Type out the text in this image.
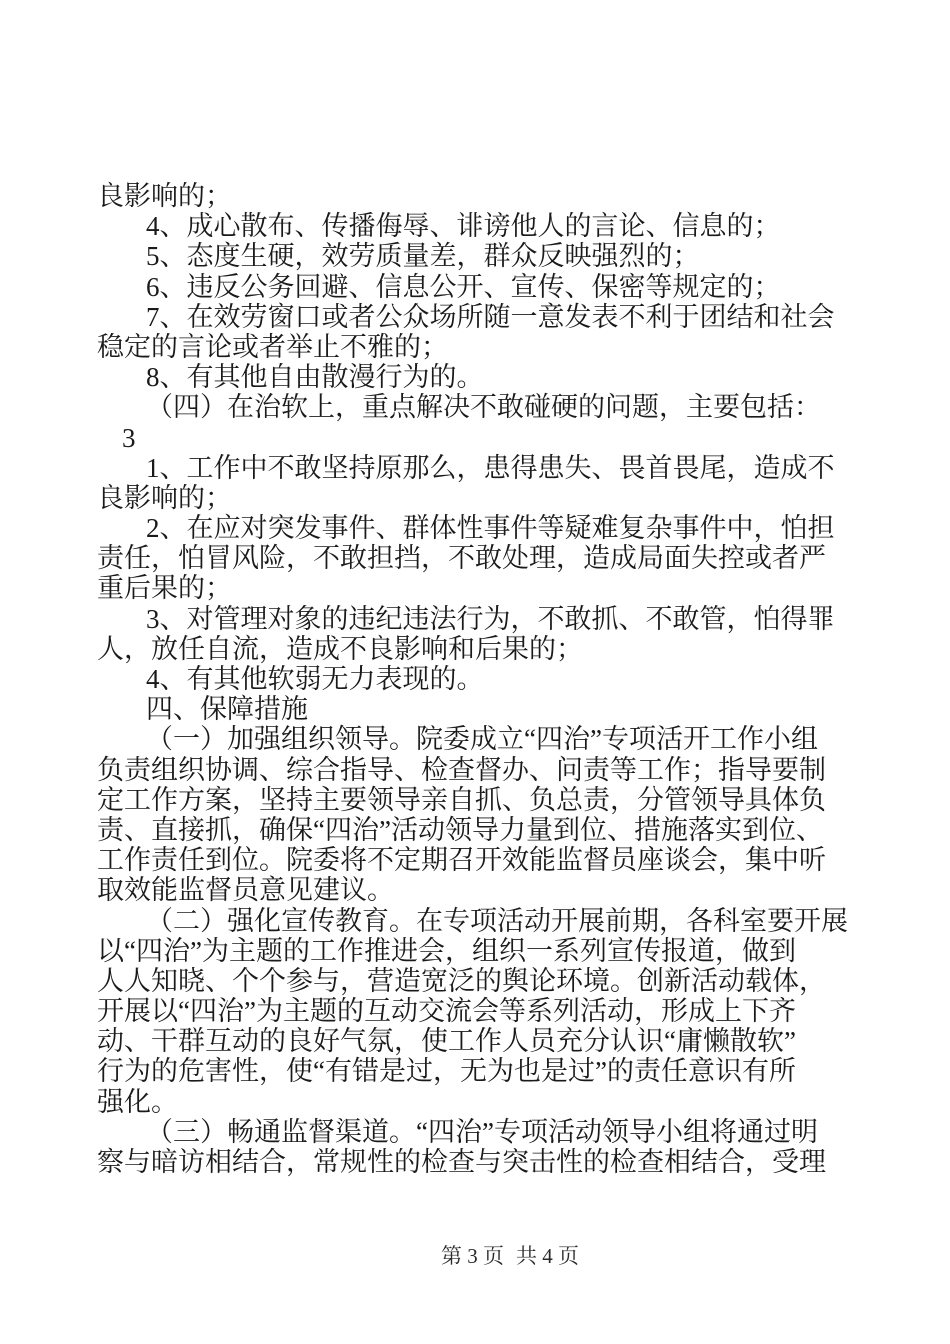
良影响的；
4、成心散布、传播侮辱、诽谤他人的言论、信息的；
5、态度生硬，效劳质量差，群众反映强烈的；
6、违反公务回避、信息公开、宣传、保密等规定的；
7、在效劳窗口或者公众场所随一意发表不利于团结和社会
稳定的言论或者举止不雅的；
8、有其他自由散漫行为的。
（四）在治软上，重点解决不敢碰硬的问题，主要包括：
3
1、工作中不敢坚持原那么，患得患失、畏首畏尾，造成不
良影响的；
2、在应对突发事件、群体性事件等疑难复杂事件中，怕担
责任，怕冒风险，不敢担挡，不敢处理，造成局面失控或者严
重后果的；
3、对管理对象的违纪违法行为，不敢抓、不敢管，怕得罪
人，放任自流，造成不良影响和后果的；
4、有其他软弱无力表现的。
四、保障措施
（一）加强组织领导。院委成立“四治”专项活开工作小组
负责组织协调、综合指导、检查督办、问责等工作；指导要制
定工作方案，坚持主要领导亲自抓、负总责，分管领导具体负
责、直接抓，确保“四治”活动领导力量到位、措施落实到位、
工作责任到位。院委将不定期召开效能监督员座谈会，集中听
取效能监督员意见建议。
（二）强化宣传教育。在专项活动开展前期，各科室要开展
以“四治”为主题的工作推进会，组织一系列宣传报道，做到
人人知晓、个个参与，营造宽泛的舆论环境。创新活动载体，
开展以“四治”为主题的互动交流会等系列活动，形成上下齐
动、干群互动的良好气氛，使工作人员充分认识“庸懒散软”
行为的危害性，使“有错是过，无为也是过”的责任意识有所
强化。
（三）畅通监督渠道。“四治”专项活动领导小组将通过明
察与暗访相结合，常规性的检查与突击性的检查相结合，受理
第 3 页 共 4 页
